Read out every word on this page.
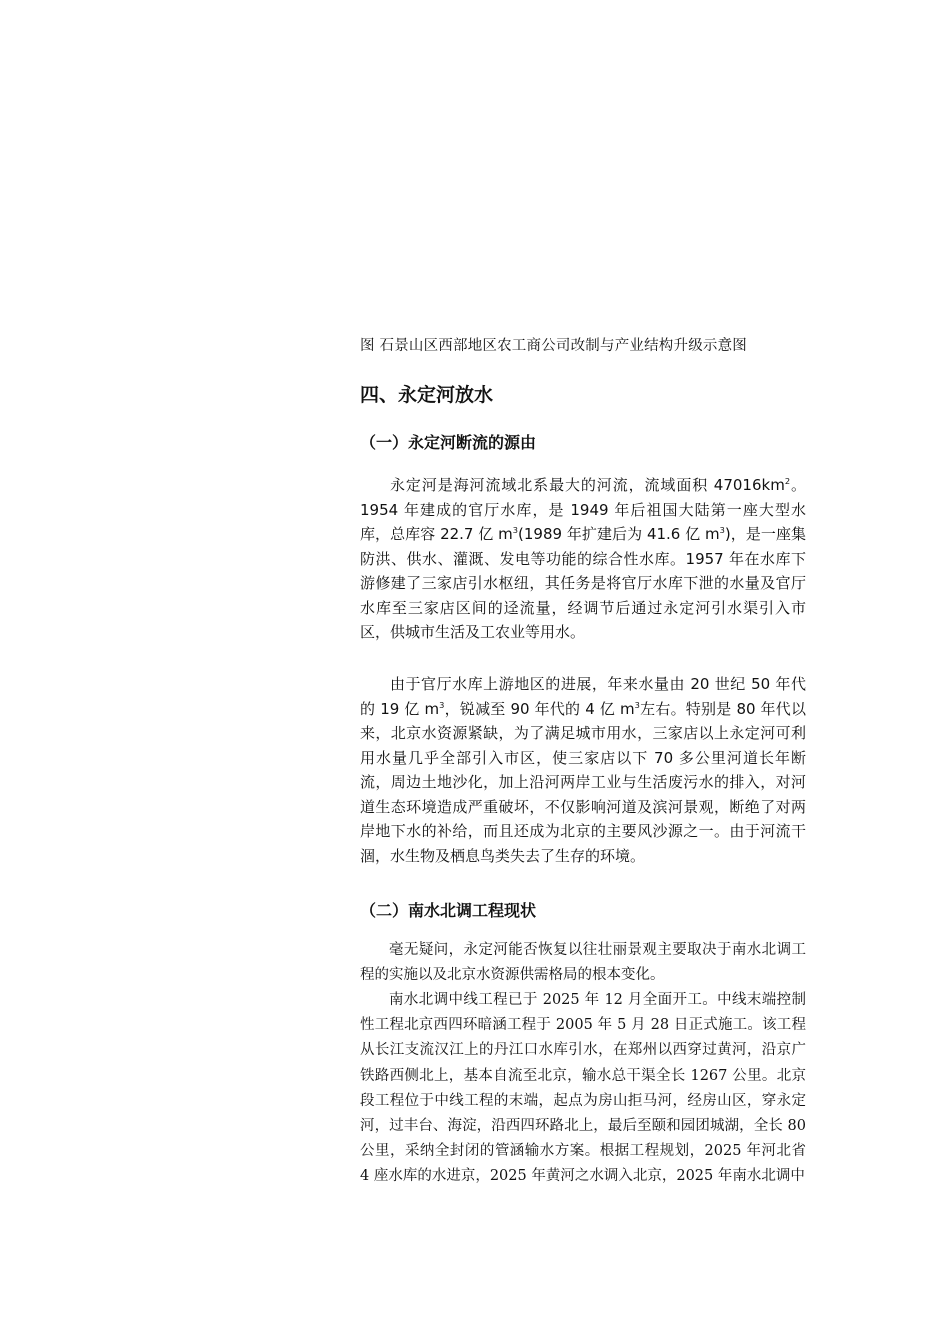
图 石景山区西部地区农工商公司改制与产业结构升级示意图
四、永定河放水
（一）永定河断流的源由

永定河是海河流域北系最大的河流，流域面积 $47016km^2$。1954 年建成的官厅水库，是 1949 年后祖国大陆第一座大型水库，总库容 22.7 亿 $m^3(1989$ 年扩建后为 41.6 亿 $m^3$)，是一座集防洪、供水、灌溉、发电等功能的综合性水库。1957 年在水库下游修建了三家店引水枢纽，其任务是将官厅水库下泄的水量及官厅水库至三家店区间的迳流量，经调节后通过永定河引水渠引入市区，供城市生活及工农业等用水。

由于官厅水库上游地区的进展，年来水量由 20 世纪 50 年代的 19 亿 $m^3$，锐减至 90 年代的 4 亿 $m^3$左右。特别是 80 年代以来，北京水资源紧缺，为了满足城市用水，三家店以上永定河可利用水量几乎全部引入市区，使三家店以下 70 多公里河道长年断流，周边土地沙化，加上沿河两岸工业与生活废污水的排入，对河道生态环境造成严重破坏，不仅影响河道及滨河景观，断绝了对两岸地下水的补给，而且还成为北京的主要风沙源之一。由于河流干涸，水生物及栖息鸟类失去了生存的环境。

（二）南水北调工程现状

毫无疑问，永定河能否恢复以往壮丽景观主要取决于南水北调工程的实施以及北京水资源供需格局的根本变化。

南水北调中线工程已于 2025 年 12 月全面开工。中线末端控制性工程北京西四环暗涵工程于 2005 年 5 月 28 日正式施工。该工程从长江支流汉江上的丹江口水库引水，在郑州以西穿过黄河，沿京广铁路西侧北上，基本自流至北京，输水总干渠全长 1267 公里。北京段工程位于中线工程的末端，起点为房山拒马河，经房山区，穿永定河，过丰台、海淀，沿西四环路北上，最后至颐和园团城湖，全长 80 公里，采纳全封闭的管涵输水方案。根据工程规划，2025 年河北省 4 座水库的水进京，2025 年黄河之水调入北京，2025 年南水北调中
